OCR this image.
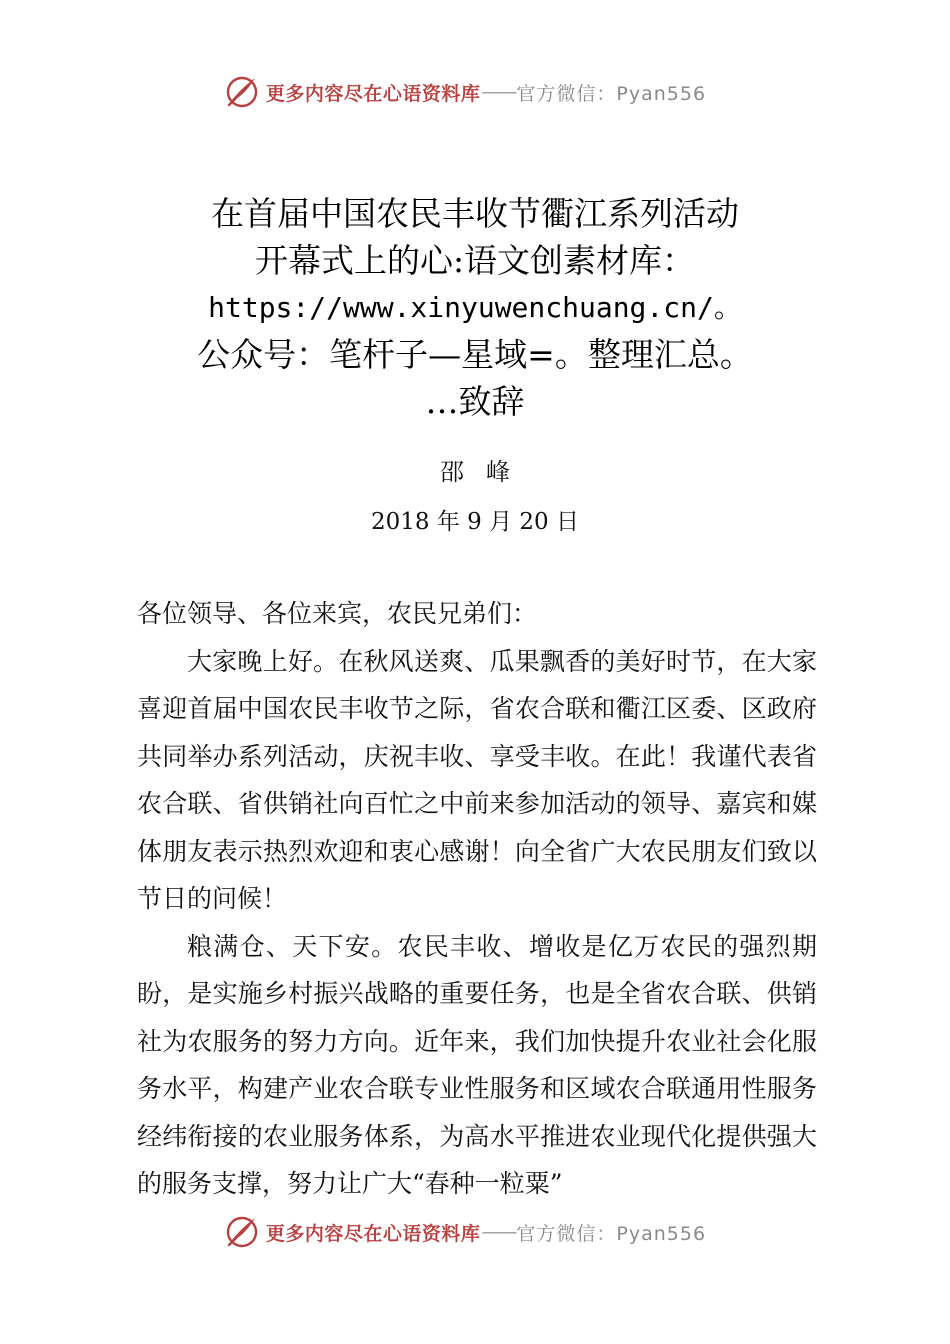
更多内容尽在心语资料库 —— 官方微信：Pyan556
在首届中国农民丰收节衢江系列活动
开幕式上的心:语文创素材库：
https://www.xinyuwenchuang.cn/。
公众号：笔杆子—星域=。整理汇总。
…致辞
邵峰
2018 年 9 月 20 日

各位领导、各位来宾，农民兄弟们：

大家晚上好。在秋风送爽、瓜果飘香的美好时节，在大家喜迎首届中国农民丰收节之际，省农合联和衢江区委、区政府共同举办系列活动，庆祝丰收、享受丰收。在此！我谨代表省农合联、省供销社向百忙之中前来参加活动的领导、嘉宾和媒体朋友表示热烈欢迎和衷心感谢！向全省广大农民朋友们致以节日的问候！

粮满仓、天下安。农民丰收、增收是亿万农民的强烈期盼，是实施乡村振兴战略的重要任务，也是全省农合联、供销社为农服务的努力方向。近年来，我们加快提升农业社会化服务水平，构建产业农合联专业性服务和区域农合联通用性服务经纬衔接的农业服务体系，为高水平推进农业现代化提供强大的服务支撑，努力让广大“春种一粒粟”

更多内容尽在心语资料库 —— 官方微信：Pyan556
